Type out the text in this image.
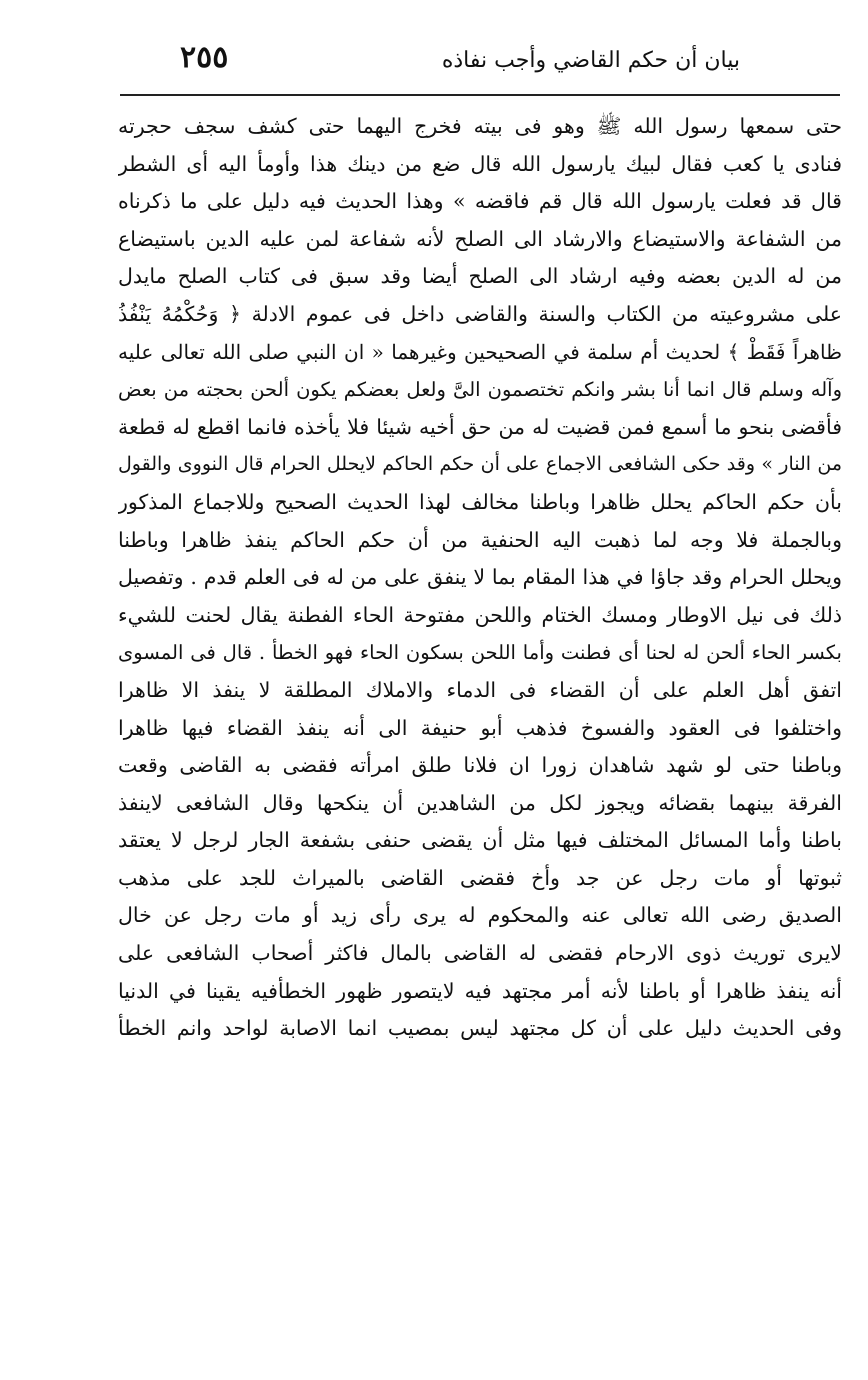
بيان أن حكم القاضي وأجب نفاذه
٢٥٥
حتى سمعها رسول الله ﷺ وهو فى بيته فخرج اليهما حتى كشف سجف حجرته
فنادى يا كعب فقال لبيك يارسول الله قال ضع من دينك هذا وأومأ اليه أى الشطر
قال قد فعلت يارسول الله قال قم فاقضه » وهذا الحديث فيه دليل على ما ذكرناه
من الشفاعة والاستيضاع والارشاد الى الصلح لأنه شفاعة لمن عليه الدين باستيضاع
من له الدين بعضه وفيه ارشاد الى الصلح أيضا وقد سبق فى كتاب الصلح مايدل
على مشروعيته من الكتاب والسنة والقاضى داخل فى عموم الادلة ﴿ وَحُكْمُهُ يَنْفُذُ
ظاهراً فَقَطْ ﴾ لحديث أم سلمة في الصحيحين وغيرهما « ان النبي صلى الله تعالى عليه
وآله وسلم قال انما أنا بشر وانكم تختصمون الىَّ ولعل بعضكم يكون ألحن بحجته من بعض
فأقضى بنحو ما أسمع فمن قضيت له من حق أخيه شيئا فلا يأخذه فانما اقطع له قطعة
من النار » وقد حكى الشافعى الاجماع على أن حكم الحاكم لايحلل الحرام قال النووى والقول
بأن حكم الحاكم يحلل ظاهرا وباطنا مخالف لهذا الحديث الصحيح وللاجماع المذكور
وبالجملة فلا وجه لما ذهبت اليه الحنفية من أن حكم الحاكم ينفذ ظاهرا وباطنا
ويحلل الحرام وقد جاؤا في هذا المقام بما لا ينفق على من له فى العلم قدم . وتفصيل
ذلك فى نيل الاوطار ومسك الختام واللحن مفتوحة الحاء الفطنة يقال لحنت للشيء
بكسر الحاء ألحن له لحنا أى فطنت وأما اللحن بسكون الحاء فهو الخطأ . قال فى المسوى
اتفق أهل العلم على أن القضاء فى الدماء والاملاك المطلقة لا ينفذ الا ظاهرا
واختلفوا فى العقود والفسوخ فذهب أبو حنيفة الى أنه ينفذ القضاء فيها ظاهرا
وباطنا حتى لو شهد شاهدان زورا ان فلانا طلق امرأته فقضى به القاضى وقعت
الفرقة بينهما بقضائه ويجوز لكل من الشاهدين أن ينكحها وقال الشافعى لاينفذ
باطنا وأما المسائل المختلف فيها مثل أن يقضى حنفى بشفعة الجار لرجل لا يعتقد
ثبوتها أو مات رجل عن جد وأخ فقضى القاضى بالميراث للجد على مذهب
الصديق رضى الله تعالى عنه والمحكوم له يرى رأى زيد أو مات رجل عن خال
لايرى توريث ذوى الارحام فقضى له القاضى بالمال فاكثر أصحاب الشافعى على
أنه ينفذ ظاهرا أو باطنا لأنه أمر مجتهد فيه لايتصور ظهور الخطأفيه يقينا في الدنيا
وفى الحديث دليل على أن كل مجتهد ليس بمصيب انما الاصابة لواحد وانم الخطأ
